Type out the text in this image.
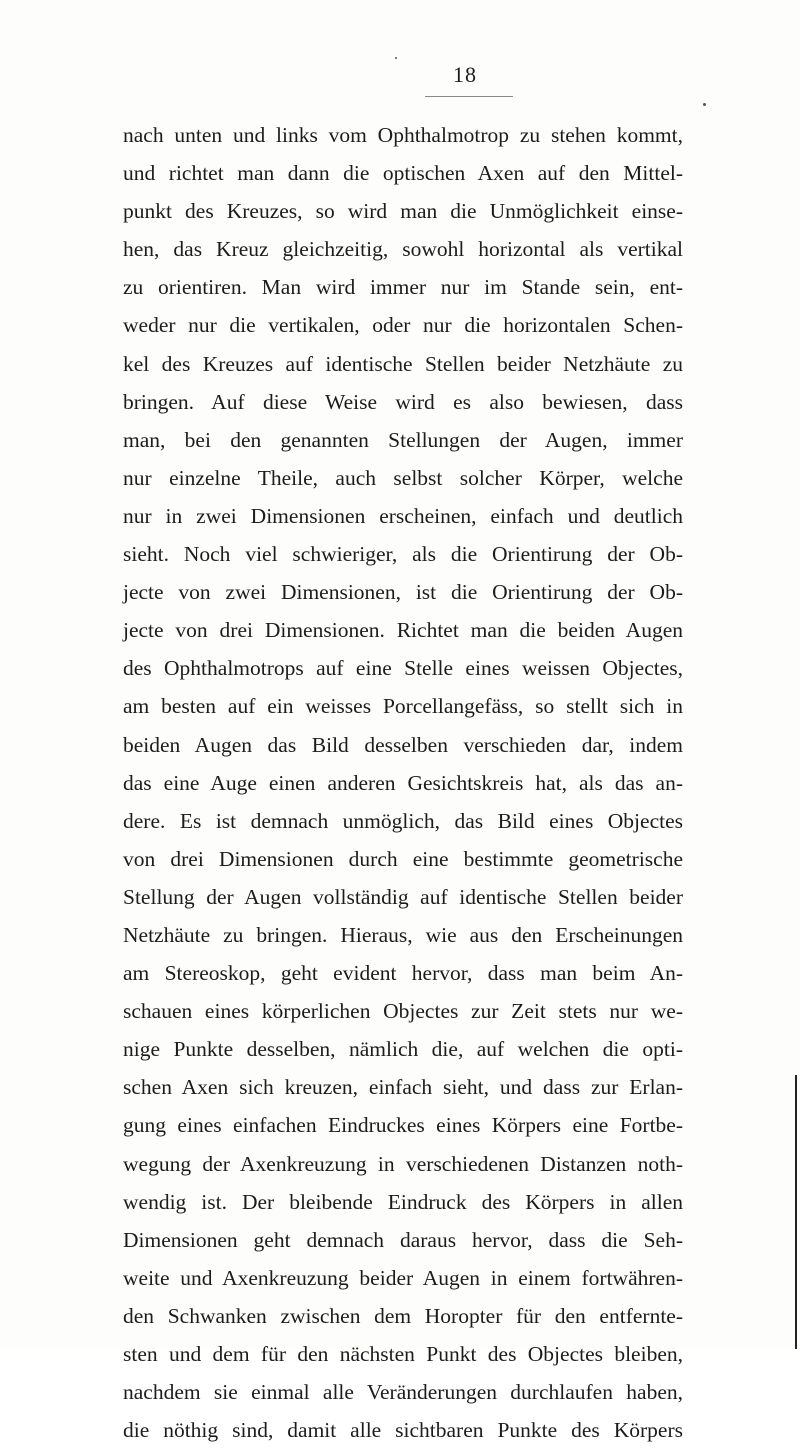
18
nach unten und links vom Ophthalmotrop zu stehen kommt,
und richtet man dann die optischen Axen auf den Mittel-
punkt des Kreuzes, so wird man die Unmöglichkeit einse-
hen, das Kreuz gleichzeitig, sowohl horizontal als vertikal
zu orientiren. Man wird immer nur im Stande sein, ent-
weder nur die vertikalen, oder nur die horizontalen Schen-
kel des Kreuzes auf identische Stellen beider Netzhäute zu
bringen. Auf diese Weise wird es also bewiesen, dass
man, bei den genannten Stellungen der Augen, immer
nur einzelne Theile, auch selbst solcher Körper, welche
nur in zwei Dimensionen erscheinen, einfach und deutlich
sieht. Noch viel schwieriger, als die Orientirung der Ob-
jecte von zwei Dimensionen, ist die Orientirung der Ob-
jecte von drei Dimensionen. Richtet man die beiden Augen
des Ophthalmotrops auf eine Stelle eines weissen Objectes,
am besten auf ein weisses Porcellangefäss, so stellt sich in
beiden Augen das Bild desselben verschieden dar, indem
das eine Auge einen anderen Gesichtskreis hat, als das an-
dere. Es ist demnach unmöglich, das Bild eines Objectes
von drei Dimensionen durch eine bestimmte geometrische
Stellung der Augen vollständig auf identische Stellen beider
Netzhäute zu bringen. Hieraus, wie aus den Erscheinungen
am Stereoskop, geht evident hervor, dass man beim An-
schauen eines körperlichen Objectes zur Zeit stets nur we-
nige Punkte desselben, nämlich die, auf welchen die opti-
schen Axen sich kreuzen, einfach sieht, und dass zur Erlan-
gung eines einfachen Eindruckes eines Körpers eine Fortbe-
wegung der Axenkreuzung in verschiedenen Distanzen noth-
wendig ist. Der bleibende Eindruck des Körpers in allen
Dimensionen geht demnach daraus hervor, dass die Seh-
weite und Axenkreuzung beider Augen in einem fortwähren-
den Schwanken zwischen dem Horopter für den entfernte-
sten und dem für den nächsten Punkt des Objectes bleiben,
nachdem sie einmal alle Veränderungen durchlaufen haben,
die nöthig sind, damit alle sichtbaren Punkte des Körpers
